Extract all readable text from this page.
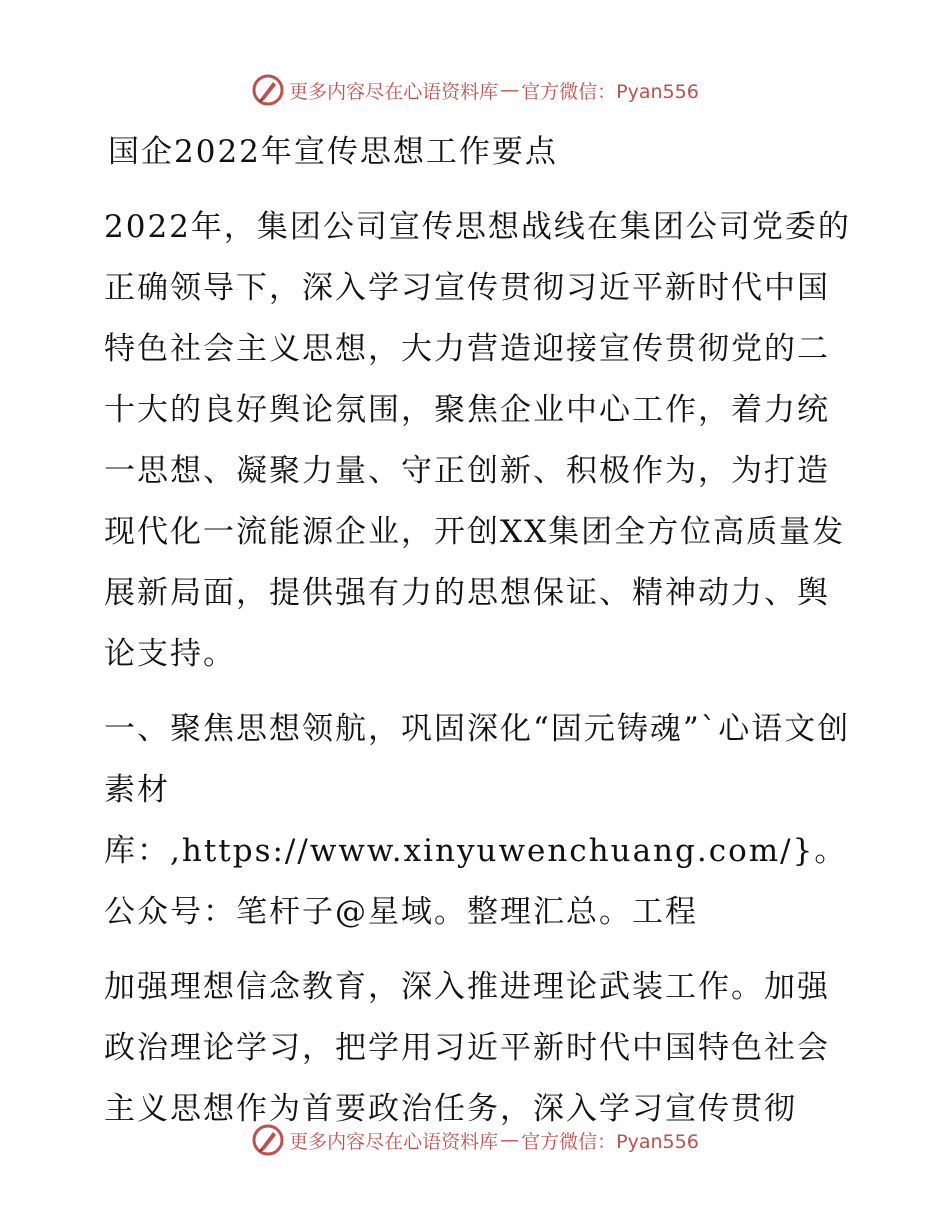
更多内容尽在心语资料库 — 官方微信：Pyan556

国企2022年宣传思想工作要点

2022年，集团公司宣传思想战线在集团公司党委的正确领导下，深入学习宣传贯彻习近平新时代中国特色社会主义思想，大力营造迎接宣传贯彻党的二十大的良好舆论氛围，聚焦企业中心工作，着力统一思想、凝聚力量、守正创新、积极作为，为打造现代化一流能源企业，开创XX集团全方位高质量发展新局面，提供强有力的思想保证、精神动力、舆论支持。

一、聚焦思想领航，巩固深化“固元铸魂”`心语文创素材库：,https://www.xinyuwenchuang.com/}。公众号：笔杆子@星域。整理汇总。工程

加强理想信念教育，深入推进理论武装工作。加强政治理论学习，把学用习近平新时代中国特色社会主义思想作为首要政治任务，深入学习宣传贯彻

更多内容尽在心语资料库 — 官方微信：Pyan556
